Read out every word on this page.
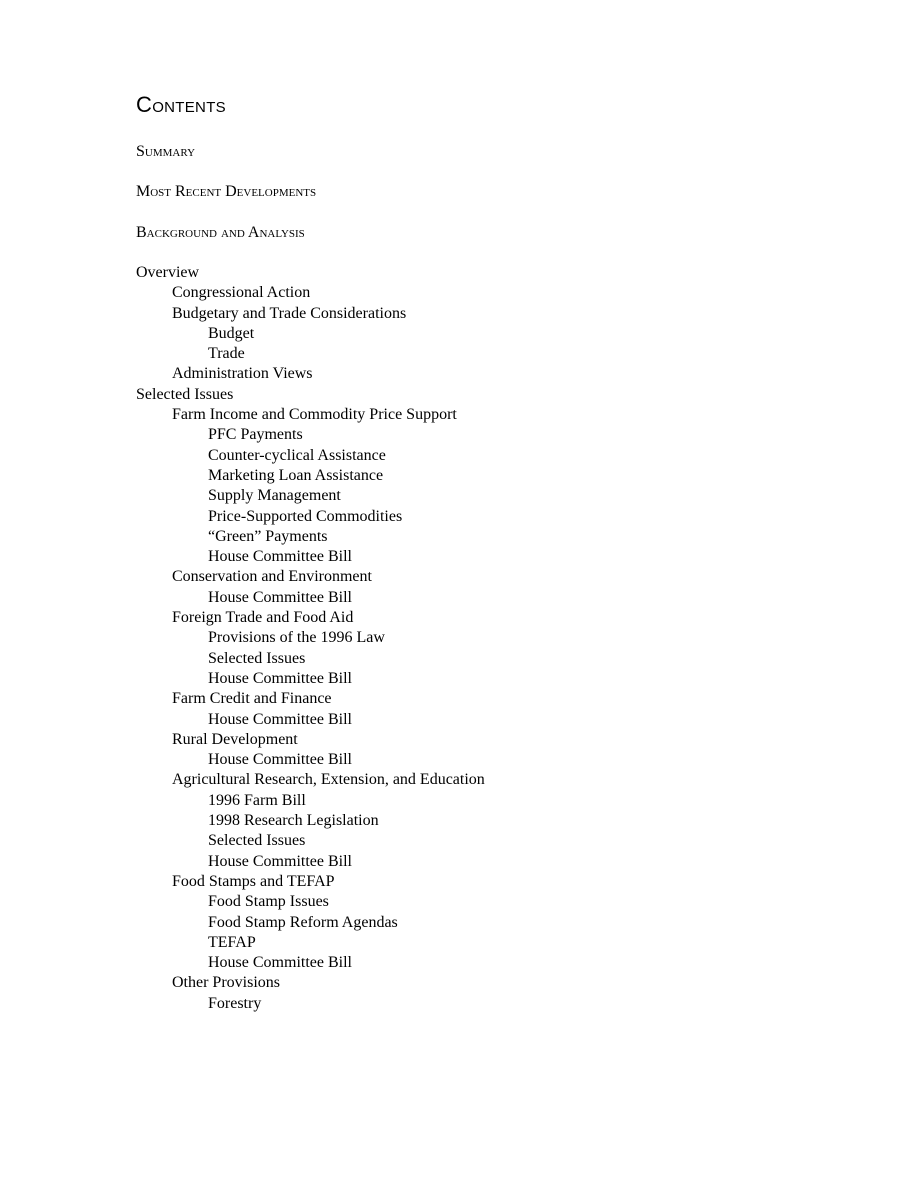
Contents
Summary
Most Recent Developments
Background and Analysis
Overview
Congressional Action
Budgetary and Trade Considerations
Budget
Trade
Administration Views
Selected Issues
Farm Income and Commodity Price Support
PFC Payments
Counter-cyclical Assistance
Marketing Loan Assistance
Supply Management
Price-Supported Commodities
“Green” Payments
House Committee Bill
Conservation and Environment
House Committee Bill
Foreign Trade and Food Aid
Provisions of the 1996 Law
Selected Issues
House Committee Bill
Farm Credit and Finance
House Committee Bill
Rural Development
House Committee Bill
Agricultural Research, Extension, and Education
1996 Farm Bill
1998 Research Legislation
Selected Issues
House Committee Bill
Food Stamps and TEFAP
Food Stamp Issues
Food Stamp Reform Agendas
TEFAP
House Committee Bill
Other Provisions
Forestry
